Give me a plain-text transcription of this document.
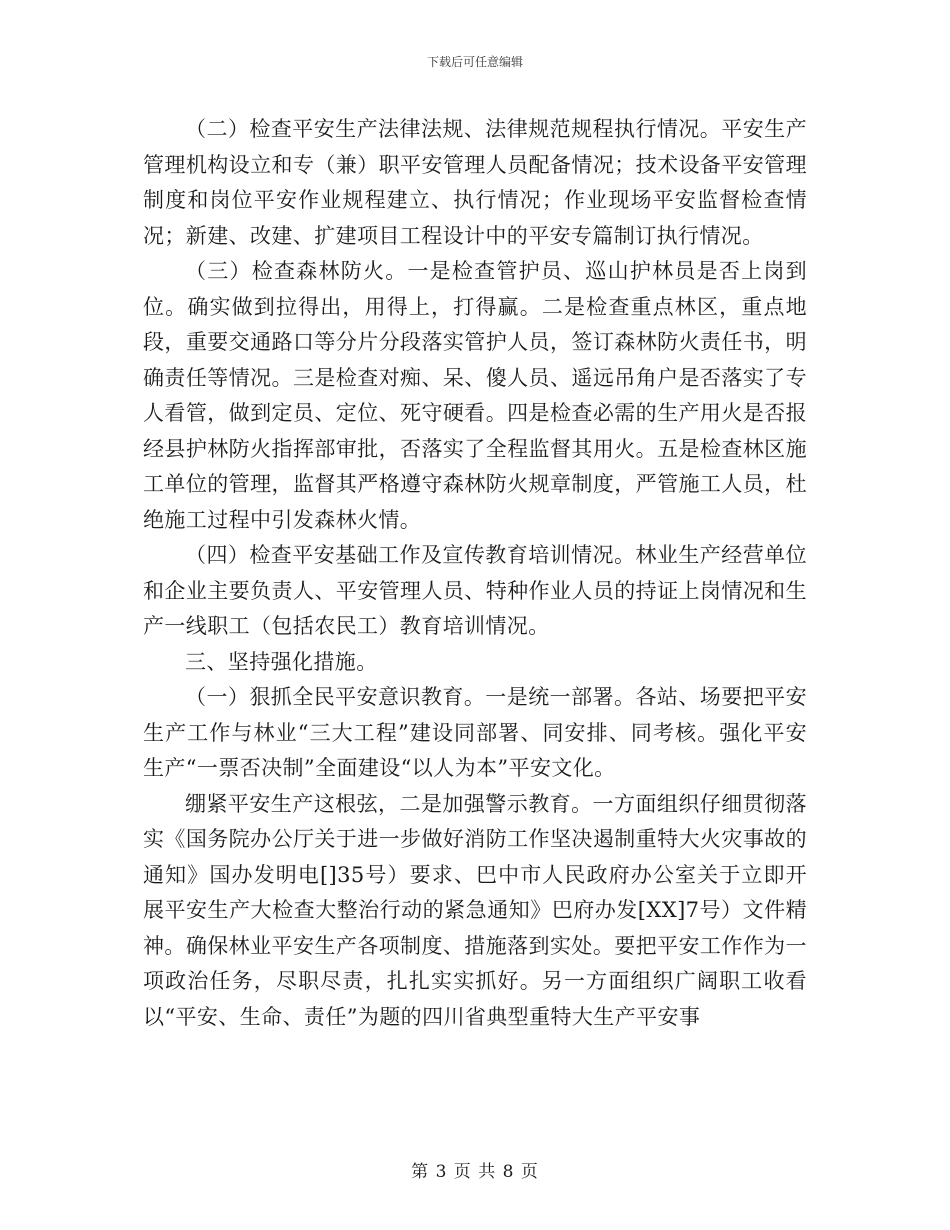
下载后可任意编辑

（二）检查平安生产法律法规、法律规范规程执行情况。平安生产管理机构设立和专（兼）职平安管理人员配备情况；技术设备平安管理制度和岗位平安作业规程建立、执行情况；作业现场平安监督检查情况；新建、改建、扩建项目工程设计中的平安专篇制订执行情况。

（三）检查森林防火。一是检查管护员、巡山护林员是否上岗到位。确实做到拉得出，用得上，打得赢。二是检查重点林区，重点地段，重要交通路口等分片分段落实管护人员，签订森林防火责任书，明确责任等情况。三是检查对痴、呆、傻人员、遥远吊角户是否落实了专人看管，做到定员、定位、死守硬看。四是检查必需的生产用火是否报经县护林防火指挥部审批，否落实了全程监督其用火。五是检查林区施工单位的管理，监督其严格遵守森林防火规章制度，严管施工人员，杜绝施工过程中引发森林火情。

（四）检查平安基础工作及宣传教育培训情况。林业生产经营单位和企业主要负责人、平安管理人员、特种作业人员的持证上岗情况和生产一线职工（包括农民工）教育培训情况。

三、坚持强化措施。

（一）狠抓全民平安意识教育。一是统一部署。各站、场要把平安生产工作与林业“三大工程”建设同部署、同安排、同考核。强化平安生产“一票否决制”全面建设“以人为本”平安文化。

绷紧平安生产这根弦，二是加强警示教育。一方面组织仔细贯彻落实《国务院办公厅关于进一步做好消防工作坚决遏制重特大火灾事故的通知》国办发明电[]35号）要求、巴中市人民政府办公室关于立即开展平安生产大检查大整治行动的紧急通知》巴府办发[XX]7号）文件精神。确保林业平安生产各项制度、措施落到实处。要把平安工作作为一项政治任务，尽职尽责，扎扎实实抓好。另一方面组织广阔职工收看以“平安、生命、责任”为题的四川省典型重特大生产平安事

第 3 页 共 8 页
